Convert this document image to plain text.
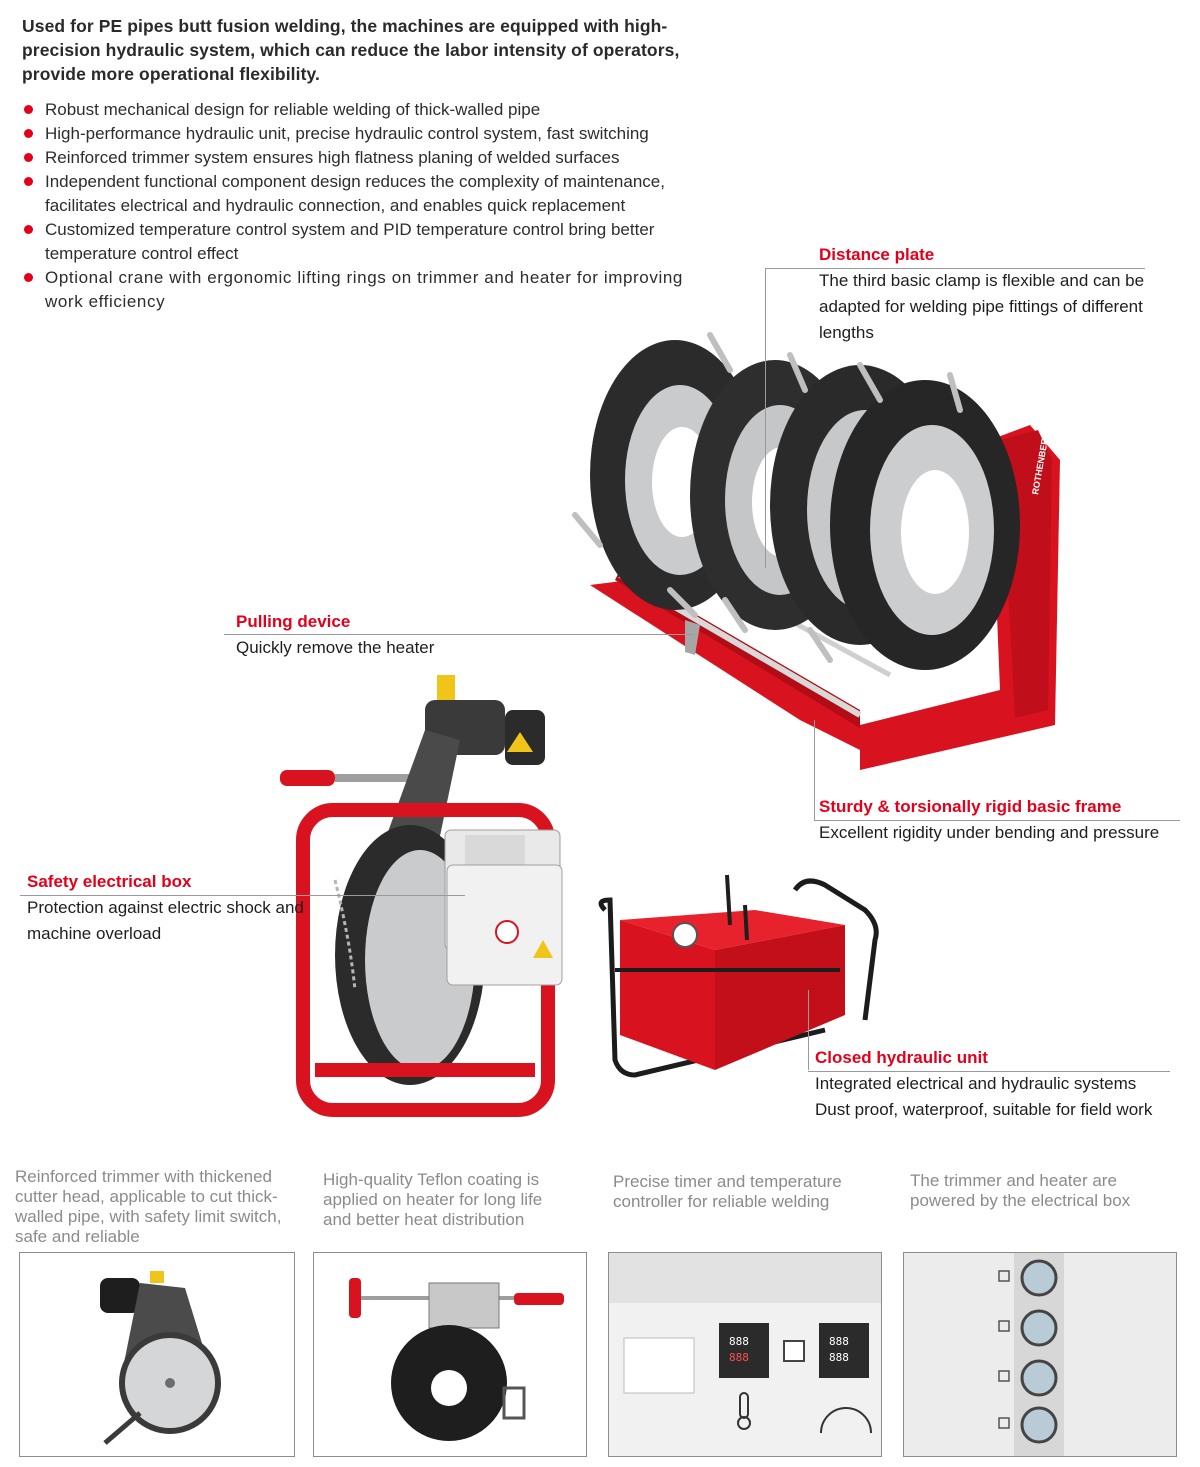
Used for PE pipes butt fusion welding, the machines are equipped with high-precision hydraulic system, which can reduce the labor intensity of operators, provide more operational flexibility.
Robust mechanical design for reliable welding of thick-walled pipe
High-performance hydraulic unit, precise hydraulic control system, fast switching
Reinforced trimmer system ensures high flatness planing of welded surfaces
Independent functional component design reduces the complexity of maintenance, facilitates electrical and hydraulic connection, and enables quick replacement
Customized temperature control system and PID temperature control bring better temperature control effect
Optional crane with ergonomic lifting rings on trimmer and heater for improving work efficiency
ROTHENBERGER
Distance plate
The third basic clamp is flexible and can be adapted for welding pipe fittings of different lengths
Pulling device
Quickly remove the heater
Sturdy & torsionally rigid basic frame
Excellent rigidity under bending and pressure
Safety electrical box
Protection against electric shock and machine overload
Closed hydraulic unit
Integrated electrical and hydraulic systems
Dust proof, waterproof, suitable for field work
Reinforced trimmer with thickened cutter head, applicable to cut thick-walled pipe, with safety limit switch, safe and reliable
High-quality Teflon coating is applied on heater for long life and better heat distribution
Precise timer and temperature controller for reliable welding
The trimmer and heater are powered by the electrical box
888
888
888
888
